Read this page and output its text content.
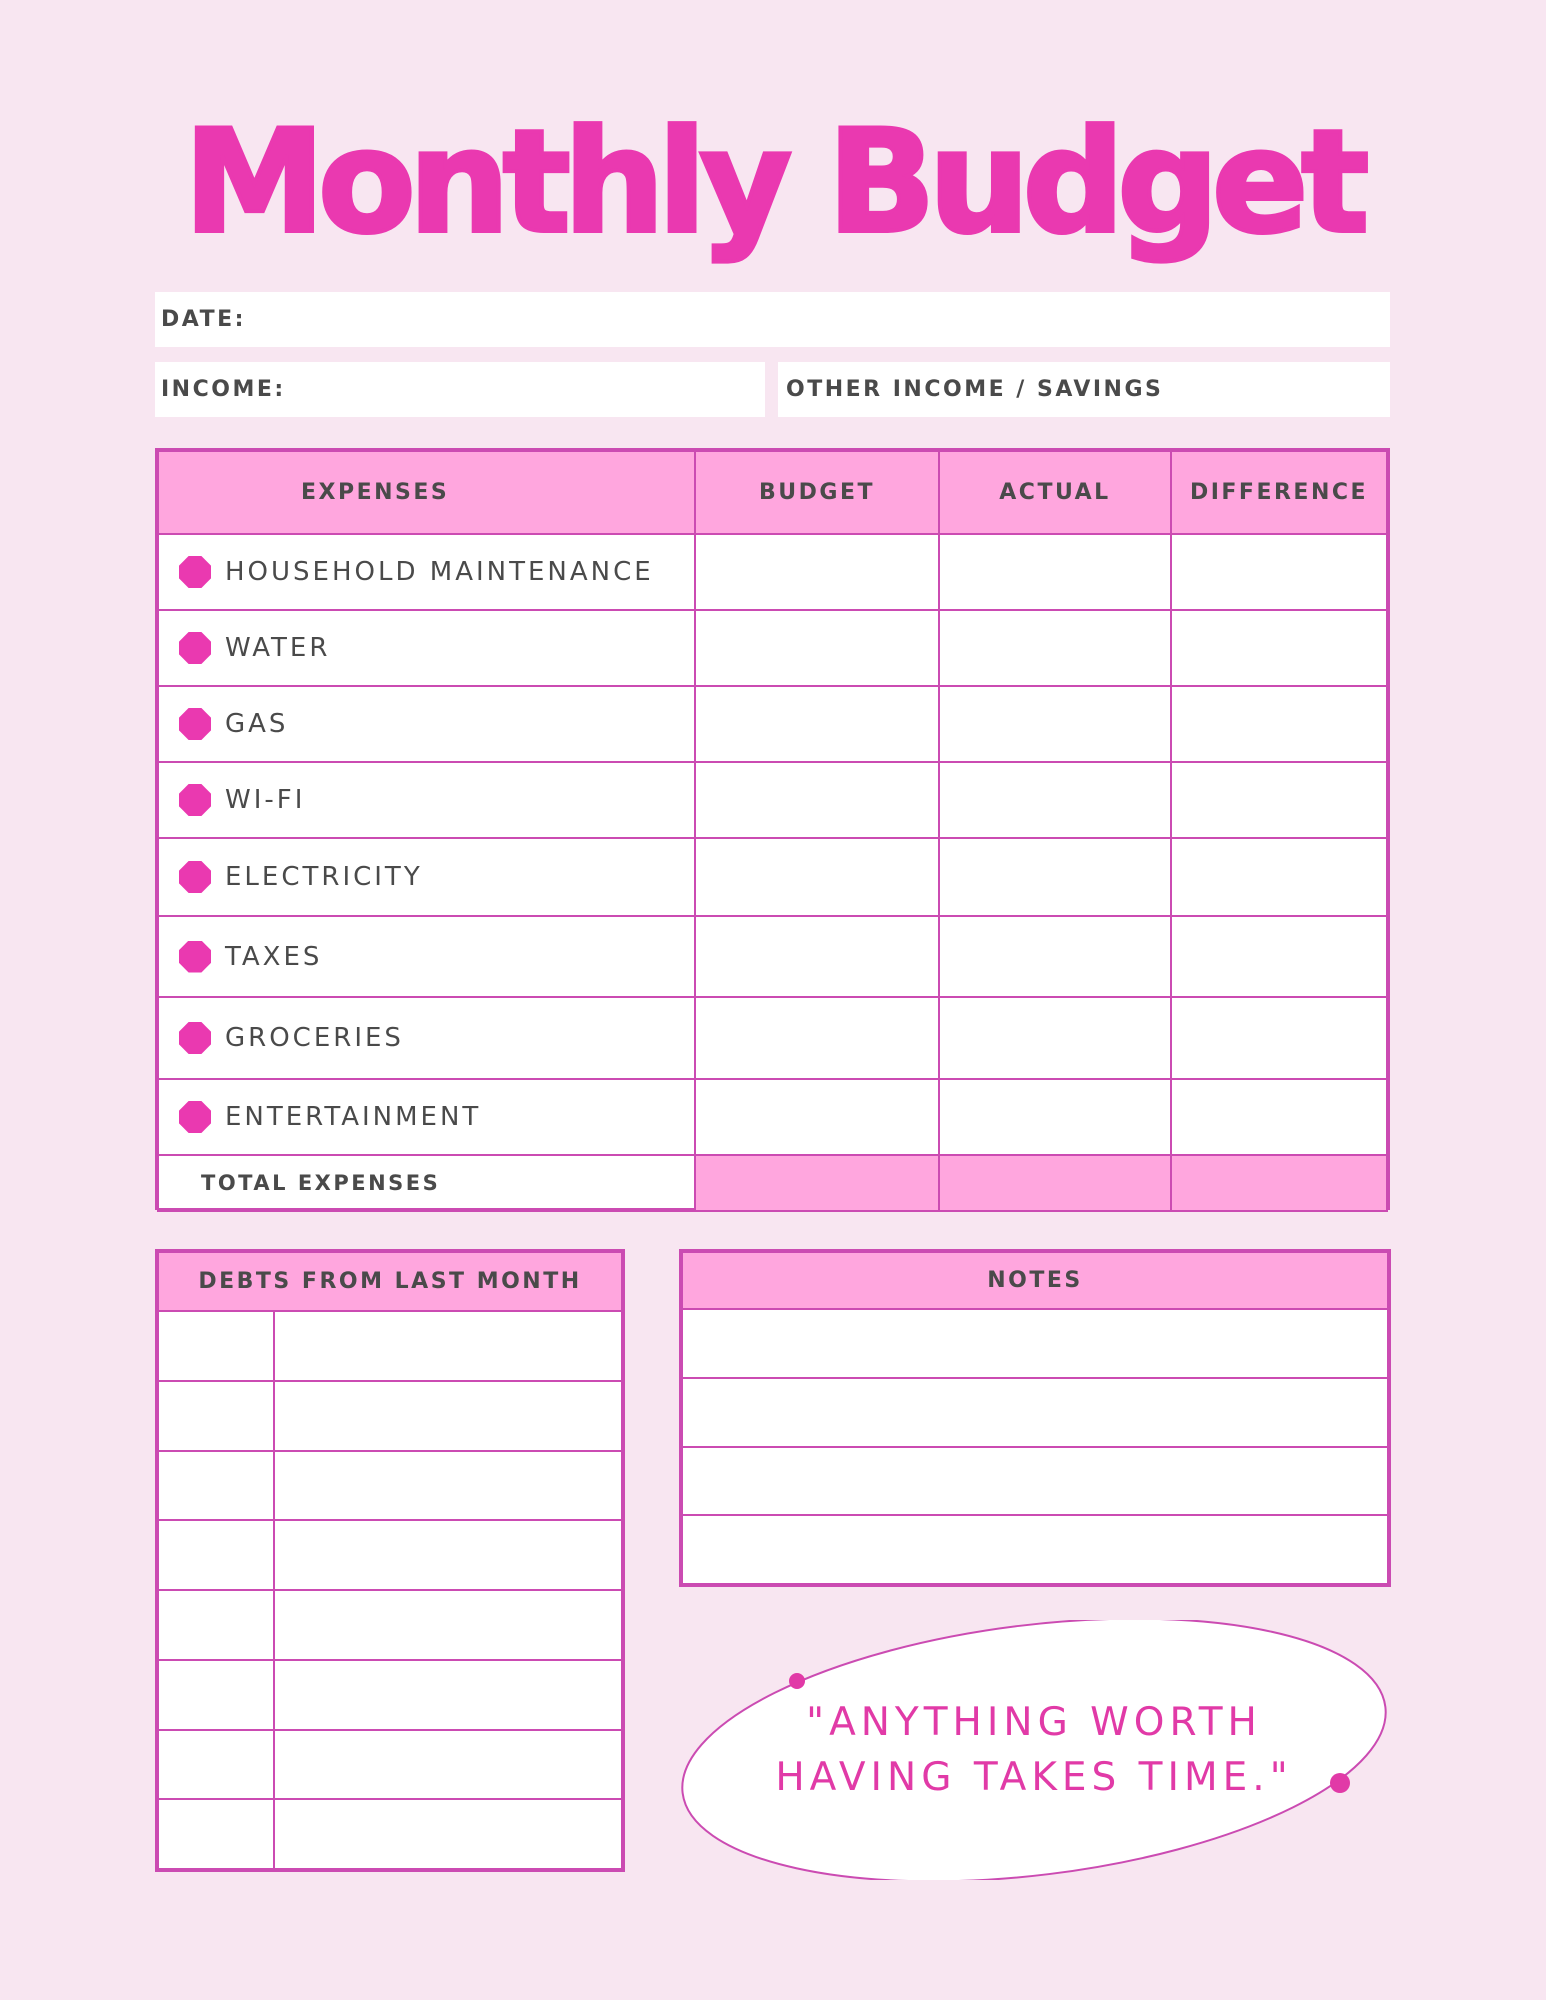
Monthly Budget
DATE:
INCOME:	OTHER INCOME / SAVINGS
EXPENSES	BUDGET	ACTUAL	DIFFERENCE

HOUSEHOLD MAINTENANCE			

WATER			

GAS			

WI-FI			

ELECTRICITY			

TAXES			

GROCERIES			

ENTERTAINMENT			

TOTAL EXPENSES			
DEBTS FROM LAST MONTH	

		NOTES

"ANYTHING WORTH
HAVING TAKES TIME."
